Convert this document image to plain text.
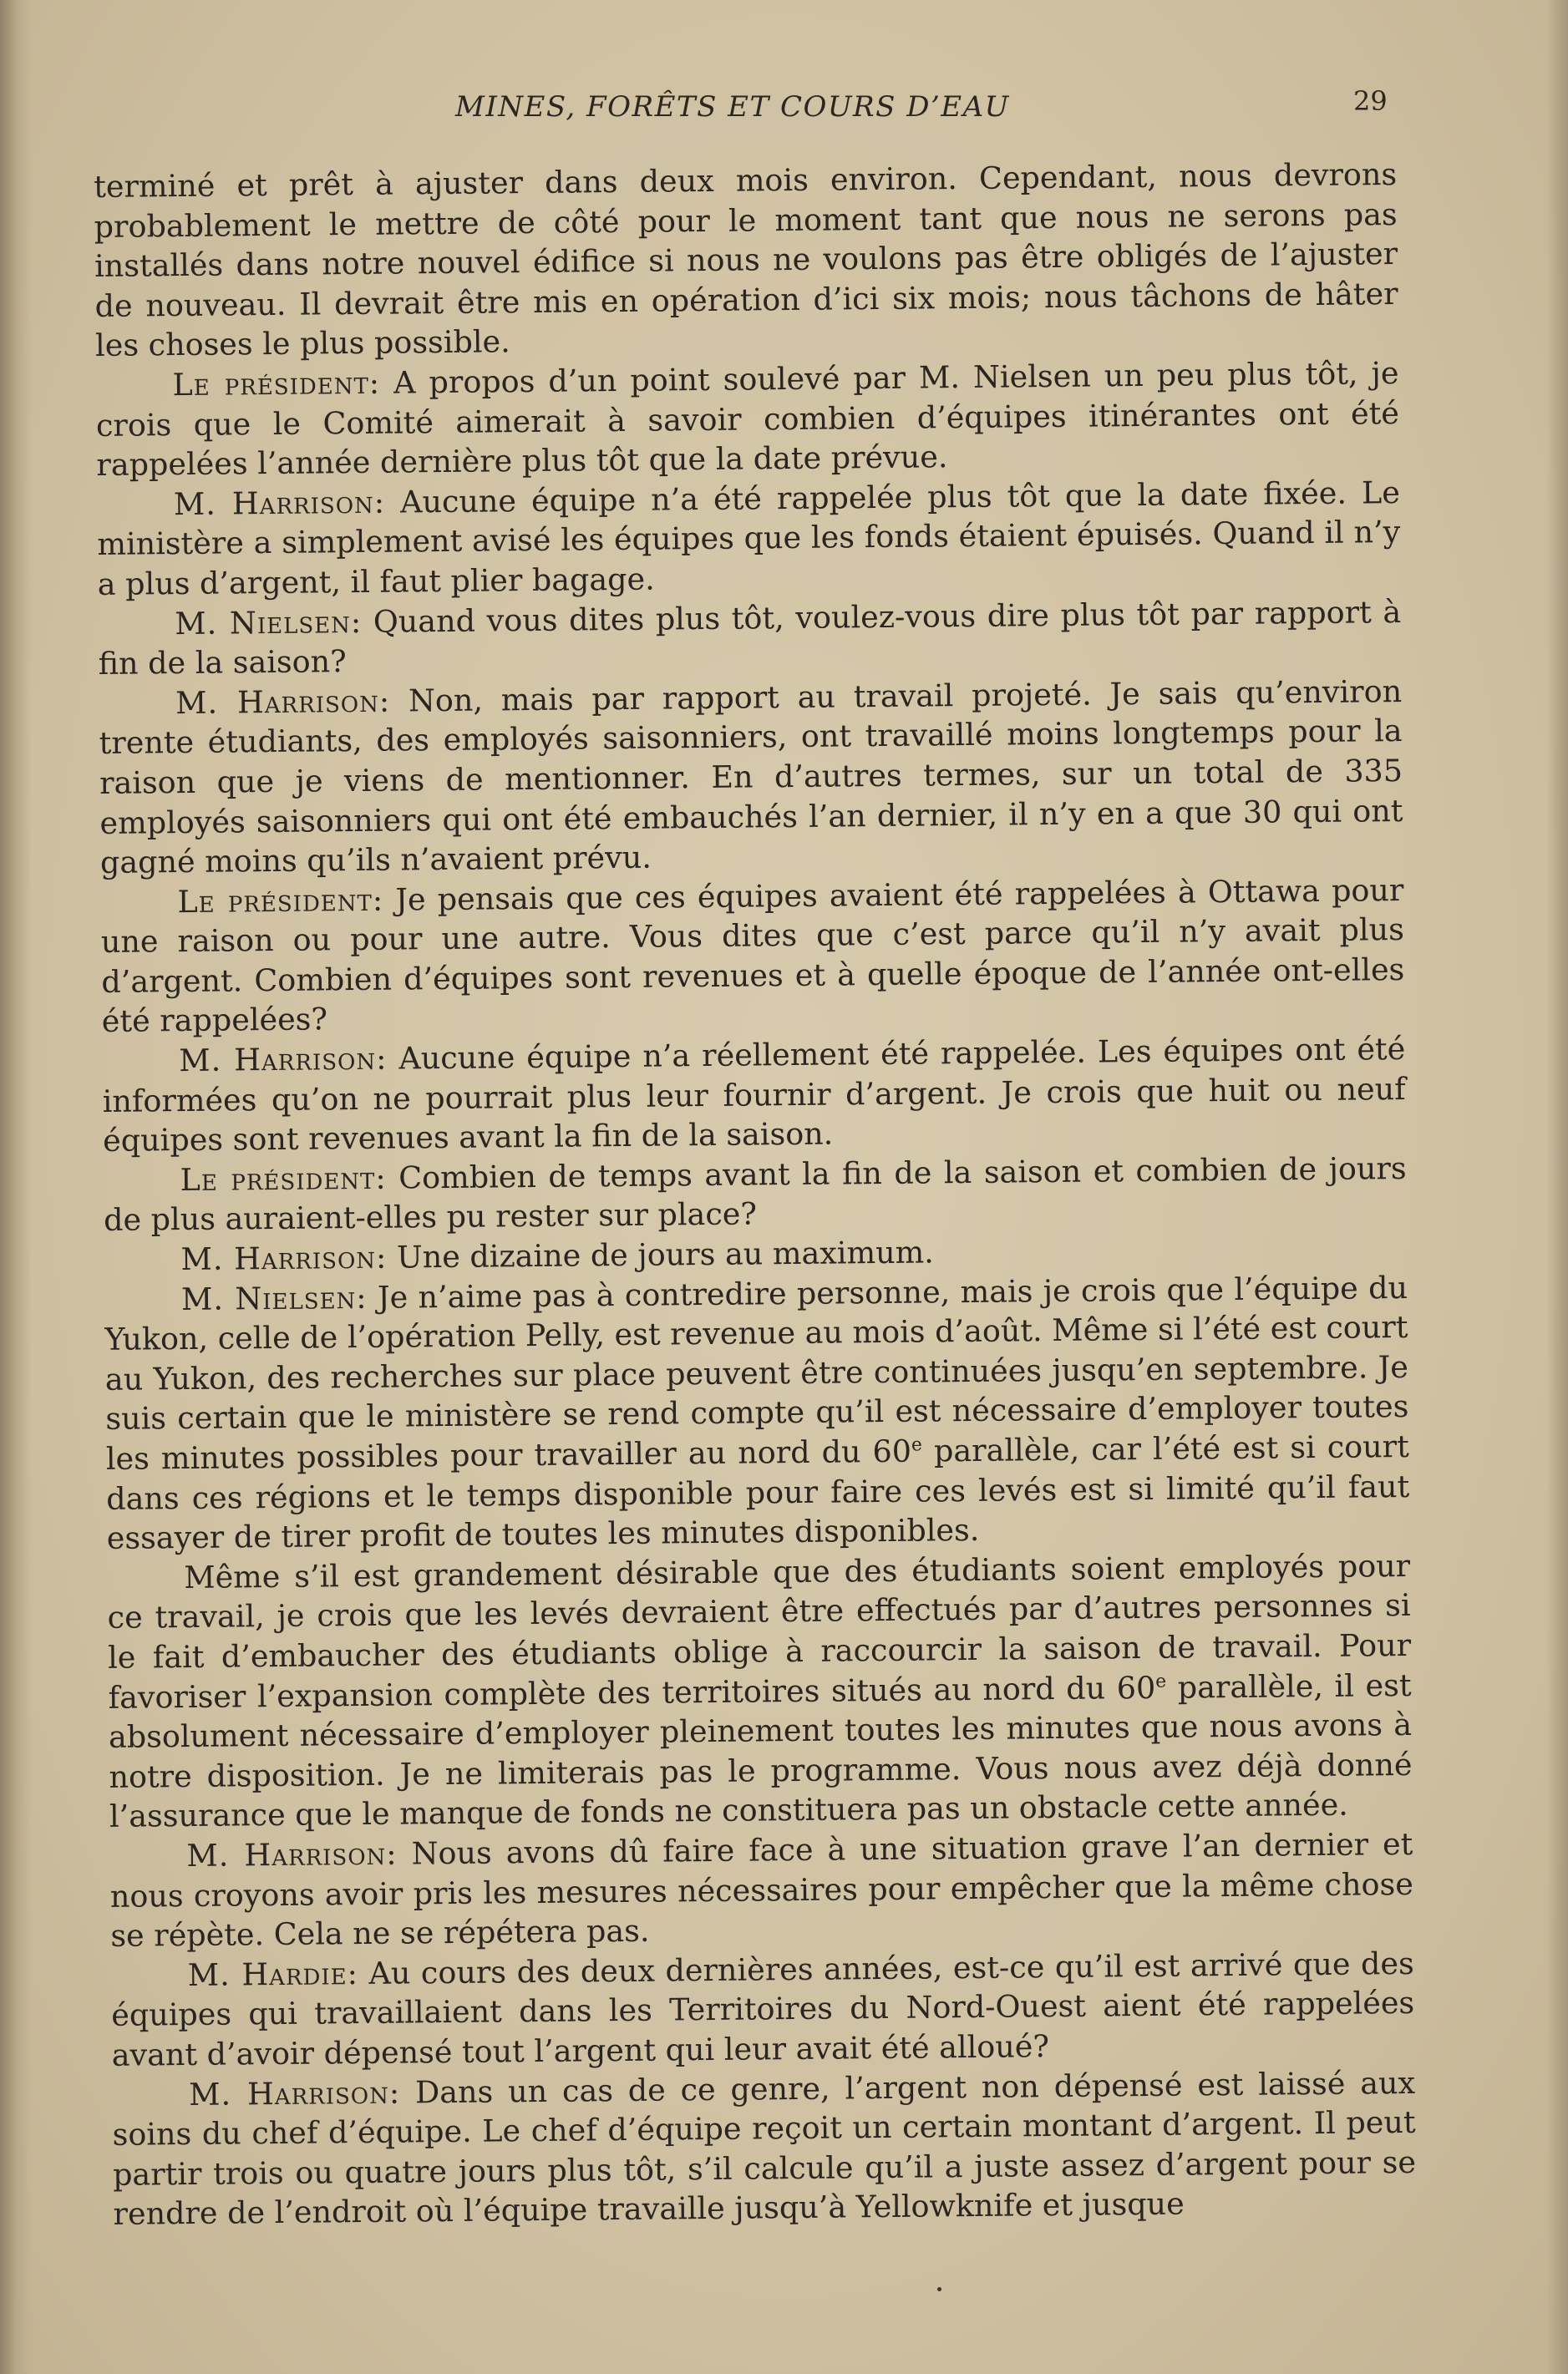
MINES, FORÊTS ET COURS D’EAU	29

terminé et prêt à ajuster dans deux mois environ. Cependant, nous devrons probablement le mettre de côté pour le moment tant que nous ne serons pas installés dans notre nouvel édifice si nous ne voulons pas être obligés de l’ajuster de nouveau. Il devrait être mis en opération d’ici six mois; nous tâchons de hâter les choses le plus possible.

Le président: A propos d’un point soulevé par M. Nielsen un peu plus tôt, je crois que le Comité aimerait à savoir combien d’équipes itinérantes ont été rappelées l’année dernière plus tôt que la date prévue.

M. Harrison: Aucune équipe n’a été rappelée plus tôt que la date fixée. Le ministère a simplement avisé les équipes que les fonds étaient épuisés. Quand il n’y a plus d’argent, il faut plier bagage.

M. Nielsen: Quand vous dites plus tôt, voulez-vous dire plus tôt par rapport à fin de la saison?

M. Harrison: Non, mais par rapport au travail projeté. Je sais qu’environ trente étudiants, des employés saisonniers, ont travaillé moins longtemps pour la raison que je viens de mentionner. En d’autres termes, sur un total de 335 employés saisonniers qui ont été embauchés l’an dernier, il n’y en a que 30 qui ont gagné moins qu’ils n’avaient prévu.

Le président: Je pensais que ces équipes avaient été rappelées à Ottawa pour une raison ou pour une autre. Vous dites que c’est parce qu’il n’y avait plus d’argent. Combien d’équipes sont revenues et à quelle époque de l’année ont-elles été rappelées?

M. Harrison: Aucune équipe n’a réellement été rappelée. Les équipes ont été informées qu’on ne pourrait plus leur fournir d’argent. Je crois que huit ou neuf équipes sont revenues avant la fin de la saison.

Le président: Combien de temps avant la fin de la saison et combien de jours de plus auraient-elles pu rester sur place?

M. Harrison: Une dizaine de jours au maximum.

M. Nielsen: Je n’aime pas à contredire personne, mais je crois que l’équipe du Yukon, celle de l’opération Pelly, est revenue au mois d’août. Même si l’été est court au Yukon, des recherches sur place peuvent être continuées jusqu’en septembre. Je suis certain que le ministère se rend compte qu’il est nécessaire d’employer toutes les minutes possibles pour travailler au nord du 60e parallèle, car l’été est si court dans ces régions et le temps disponible pour faire ces levés est si limité qu’il faut essayer de tirer profit de toutes les minutes disponibles.

Même s’il est grandement désirable que des étudiants soient employés pour ce travail, je crois que les levés devraient être effectués par d’autres personnes si le fait d’embaucher des étudiants oblige à raccourcir la saison de travail. Pour favoriser l’expansion complète des territoires situés au nord du 60e parallèle, il est absolument nécessaire d’employer pleinement toutes les minutes que nous avons à notre disposition. Je ne limiterais pas le programme. Vous nous avez déjà donné l’assurance que le manque de fonds ne constituera pas un obstacle cette année.

M. Harrison: Nous avons dû faire face à une situation grave l’an dernier et nous croyons avoir pris les mesures nécessaires pour empêcher que la même chose se répète. Cela ne se répétera pas.

M. Hardie: Au cours des deux dernières années, est-ce qu’il est arrivé que des équipes qui travaillaient dans les Territoires du Nord-Ouest aient été rappelées avant d’avoir dépensé tout l’argent qui leur avait été alloué?

M. Harrison: Dans un cas de ce genre, l’argent non dépensé est laissé aux soins du chef d’équipe. Le chef d’équipe reçoit un certain montant d’argent. Il peut partir trois ou quatre jours plus tôt, s’il calcule qu’il a juste assez d’argent pour se rendre de l’endroit où l’équipe travaille jusqu’à Yellowknife et jusque
